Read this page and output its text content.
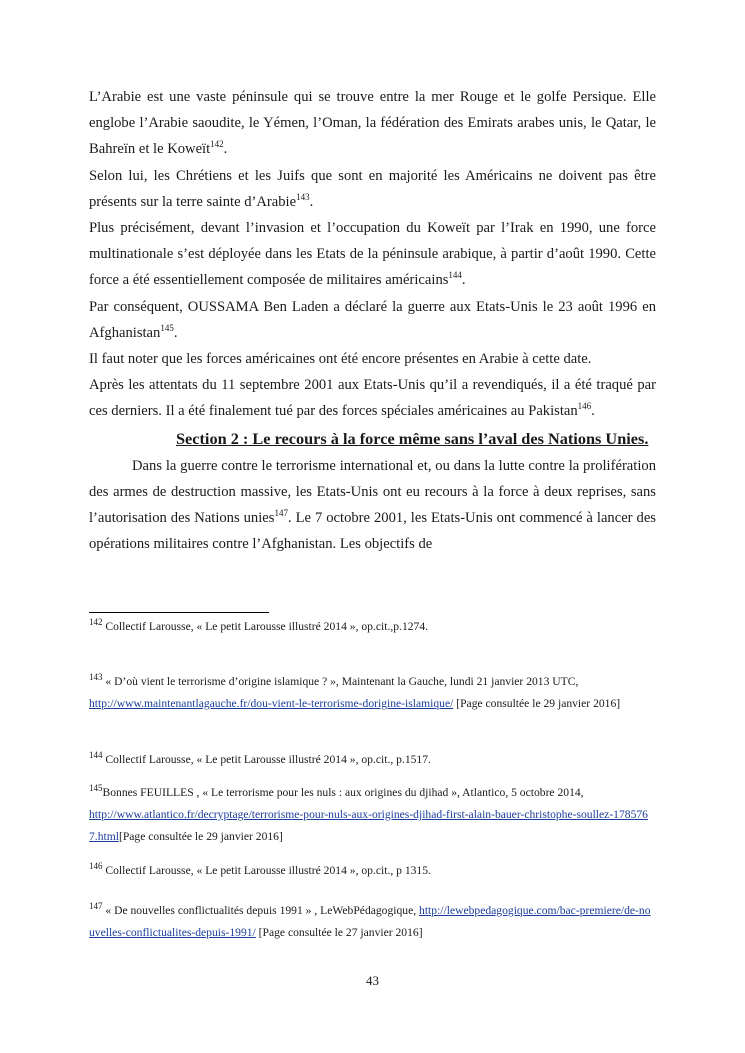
L’Arabie est une vaste péninsule qui se trouve entre la mer Rouge et le golfe Persique. Elle englobe l’Arabie saoudite, le Yémen, l’Oman, la fédération des Emirats arabes unis, le Qatar, le Bahreïn et le Koweït$^{142}$.

Selon lui, les Chrétiens et les Juifs que sont en majorité les Américains ne doivent pas être présents sur la terre sainte d’Arabie$^{143}$.

Plus précisément, devant l’invasion et l’occupation du Koweït par l’Irak en 1990, une force multinationale s’est déployée dans les Etats de la péninsule arabique, à partir d’août 1990. Cette force a été essentiellement composée de militaires américains$^{144}$.

Par conséquent, OUSSAMA Ben Laden a déclaré la guerre aux Etats-Unis le 23 août 1996 en Afghanistan$^{145}$.

Il faut noter que les forces américaines ont été encore présentes en Arabie à cette date.

Après les attentats du 11 septembre 2001 aux Etats-Unis qu’il a revendiqués, il a été traqué par ces derniers. Il a été finalement tué par des forces spéciales américaines au Pakistan$^{146}$.

Section 2 : Le recours à la force même sans l’aval des Nations Unies.

Dans la guerre contre le terrorisme international et, ou dans la lutte contre la prolifération des armes de destruction massive, les Etats-Unis ont eu recours à la force à deux reprises, sans l’autorisation des Nations unies$^{147}$. Le 7 octobre 2001, les Etats-Unis ont commencé à lancer des opérations militaires contre l’Afghanistan. Les objectifs de

$^{142}$ Collectif Larousse, « Le petit Larousse illustré 2014 », op.cit.,p.1274.
$^{143}$ « D’où vient le terrorisme d’origine islamique ? », Maintenant la Gauche, lundi 21 janvier 2013 UTC,
http://www.maintenantlagauche.fr/dou-vient-le-terrorisme-dorigine-islamique/ [Page consultée le 29 janvier 2016]
$^{144}$ Collectif Larousse, « Le petit Larousse illustré 2014 », op.cit., p.1517.
$^{145}$Bonnes FEUILLES , « Le terrorisme pour les nuls : aux origines du djihad », Atlantico, 5 octobre 2014,
http://www.atlantico.fr/decryptage/terrorisme-pour-nuls-aux-origines-djihad-first-alain-bauer-christophe-soullez-1785767.html[Page consultée le 29 janvier 2016]
$^{146}$ Collectif Larousse, « Le petit Larousse illustré 2014 », op.cit., p 1315.
$^{147}$ « De nouvelles conflictualités depuis 1991 » , LeWebPédagogique, http://lewebpedagogique.com/bac-premiere/de-nouvelles-conflictualites-depuis-1991/ [Page consultée le 27 janvier 2016]
43
